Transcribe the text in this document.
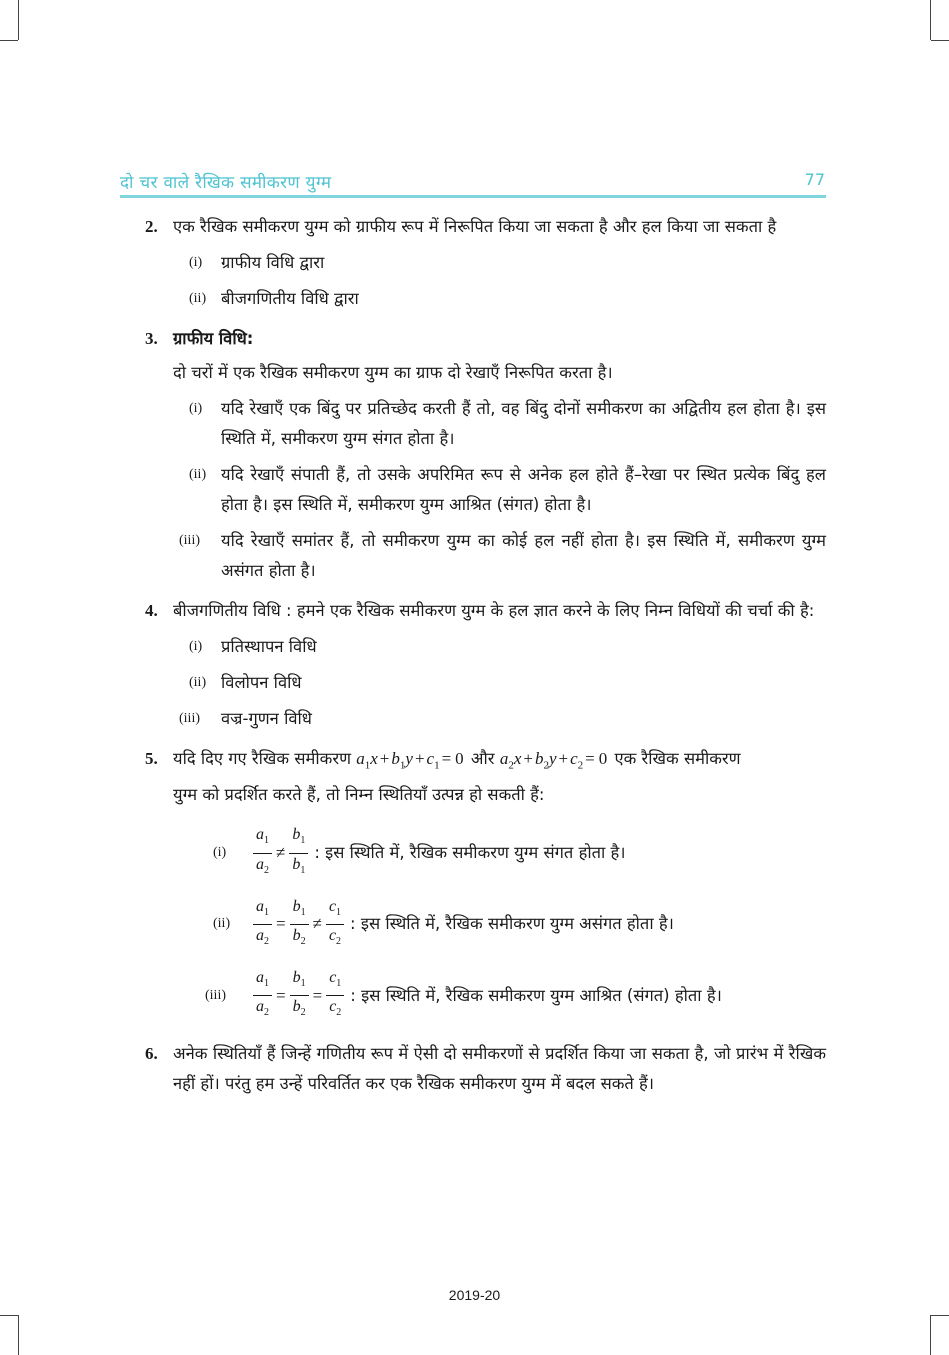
दो चर वाले रैखिक समीकरण युग्म	77
2. एक रैखिक समीकरण युग्म को ग्राफीय रूप में निरूपित किया जा सकता है और हल किया जा सकता है
(i) ग्राफीय विधि द्वारा
(ii) बीजगणितीय विधि द्वारा
3. ग्राफीय विधि:
दो चरों में एक रैखिक समीकरण युग्म का ग्राफ दो रेखाएँ निरूपित करता है।
(i) यदि रेखाएँ एक बिंदु पर प्रतिच्छेद करती हैं तो, वह बिंदु दोनों समीकरण का अद्वितीय हल होता है। इस स्थिति में, समीकरण युग्म संगत होता है।
(ii) यदि रेखाएँ संपाती हैं, तो उसके अपरिमित रूप से अनेक हल होते हैं–रेखा पर स्थित प्रत्येक बिंदु हल होता है। इस स्थिति में, समीकरण युग्म आश्रित (संगत) होता है।
(iii) यदि रेखाएँ समांतर हैं, तो समीकरण युग्म का कोई हल नहीं होता है। इस स्थिति में, समीकरण युग्म असंगत होता है।
4. बीजगणितीय विधि : हमने एक रैखिक समीकरण युग्म के हल ज्ञात करने के लिए निम्न विधियों की चर्चा की है:
(i) प्रतिस्थापन विधि
(ii) विलोपन विधि
(iii) वज्र-गुणन विधि
5. यदि दिए गए रैखिक समीकरण $a_1x + b_1y + c_1 = 0$ और $a_2x + b_2y + c_2 = 0$ एक रैखिक समीकरण
युग्म को प्रदर्शित करते हैं, तो निम्न स्थितियाँ उत्पन्न हो सकती हैं:
$(i) \frac{a_1}{a_2} \ne \frac{b_1}{b_1}$ : इस स्थिति में, रैखिक समीकरण युग्म संगत होता है।
$(ii) \frac{a_1}{a_2} = \frac{b_1}{b_2} \ne \frac{c_1}{c_2}$ : इस स्थिति में, रैखिक समीकरण युग्म असंगत होता है।
$(iii) \frac{a_1}{a_2} = \frac{b_1}{b_2} = \frac{c_1}{c_2}$ : इस स्थिति में, रैखिक समीकरण युग्म आश्रित (संगत) होता है।
6. अनेक स्थितियाँ हैं जिन्हें गणितीय रूप में ऐसी दो समीकरणों से प्रदर्शित किया जा सकता है, जो प्रारंभ में रैखिक नहीं हों। परंतु हम उन्हें परिवर्तित कर एक रैखिक समीकरण युग्म में बदल सकते हैं।
2019-20
